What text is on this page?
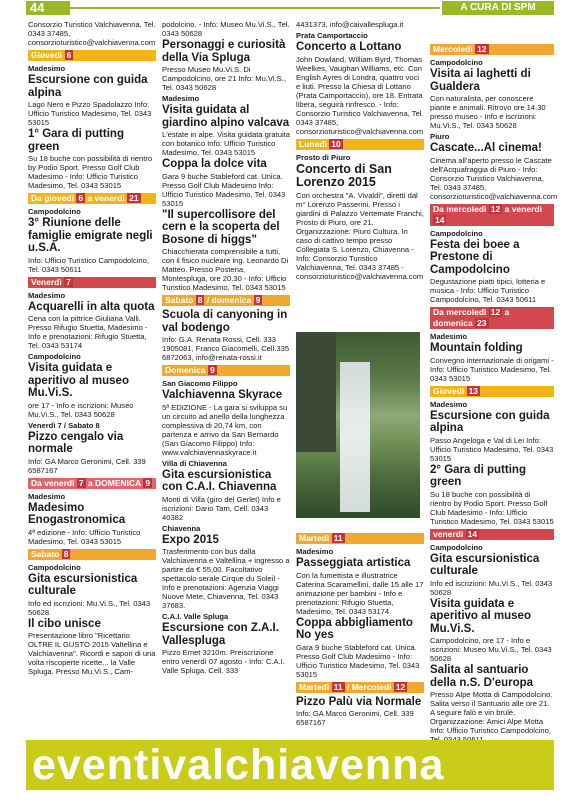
44	A CURA DI SPM
Consorzio Turistico Valchiavenna, Tel. 0343 37485, consorzioturistico@valchiavenna.com
Giovedì 6
Madesimo
Escursione con guida alpina
Lago Nero e Pizzo Spadolazzo Info: Ufficio Turistico Madesimo, Tel. 0343 53015
1° Gara di putting green
Su 18 buche con possibilità di rientro by Podio Sport. Presso Golf Club Madesimo - Info: Ufficio Turistico Madesimo, Tel. 0343 53015
Da giovedì 6 a venerdì 21
Campodolcino
3° Riunione delle famiglie emigrate negli u.S.A.
Info: Ufficio Turistico Campodolcino, Tel. 0343 50611
Venerdì 7
Madesimo
Acquarelli in alta quota
Cena con la pittrice Giuliana Valli. Presso Rifugio Stuetta, Madesimo - Info e prenotazioni: Rifugio Stuetta, Tel. 0343 53174
Campodolcino
Visita guidata e aperitivo al museo Mu.Vi.S.
ore 17 - Info e iscrizioni: Museo Mu.Vi.S., Tel. 0343 50628
Venerdì 7 / Sabato 8
Pizzo cengalo via normale
Info: GA Marco Geronimi, Cell. 339 6587167
Da venerdì 7 a DOMENICA 9
Madesimo
Madesimo Enogastronomica
4ª edizione - Info: Ufficio Turistico Madesimo, Tel. 0343 53015
Sabato 8
Campodolcino
Gita escursionistica culturale
Info ed iscrizioni: Mu.Vi.S., Tel. 0343 50628
Il cibo unisce
Presentazione libro "Ricettario OLTRE IL GUSTO 2015 Valtellina e Valchiavenna". Ricordi e sapori di una volta riscoperte ricette... la Valle Spluga. Presso Mu.Vi.S., Cam-
podolcino. - Info: Museo Mu.Vi.S., Tel. 0343 50628
Personaggi e curiosità della Via Spluga
Presso Museo Mu.Vi.S. Di Campodolcino, ore 21 Info: Mu.Vi.S., Tel. 0343 50628
Madesimo
Visita guidata al giardino alpino valcava
L'estate in alpe. Visita guidata gratuita con botanico Info: Ufficio Turistico Madesimo, Tel. 0343 53015
Coppa la dolce vita
Gara 9 buche Stableford cat. Unica. Presso Golf Club Madesimo Info: Ufficio Turistico Madesimo, Tel. 0343 53015
"Il supercollisore del cern e la scoperta del Bosone di higgs"
Chiacchierata comprensibile a tutti, con il fisico nucleare ing. Leonardo Di Matteo. Presso Posteria, Montespluga, ore 20.30 - Info: Ufficio Turistico Madesimo, Tel. 0343 53015
Sabato 8 / domenica 9
Scuola di canyoning in val bodengo
Info: G.A. Renata Rossi, Cell. 333 1905081, Franco Giacomelli, Cell.335 6872063, info@renata-rossi.it
Domenica 9
San Giacomo Filippo
Valchiavenna Skyrace
5ª EDIZIONE - La gara si sviluppa su un circuito ad anello della lunghezza complessiva di 20,74 km, con partenza e arrivo da San Bernardo (San Giacomo Filippo) Info: www.valchiavennaskyrace.it
Villa di Chiavenna
Gita escursionistica con C.A.I. Chiavenna
Monti di Villa (giro del Gerlet) Info e iscrizioni: Dario Tam, Cell. 0343 40382
Chiavenna
Expo 2015
Trasferimento con bus dalla Valchiavenna e Valtellina + ingresso a partire da € 55,00. Facoltativo spettacolo serale Cirque du Soleil - Info e prenotazioni: Agenzia Viaggi Nuove Mete, Chiavenna, Tel. 0343 37683.
C.A.I. Valle Spluga
Escursione con Z.A.I. Vallespluga
Pizzo Emet 3210m. Preiscrizione entro venerdì 07 agosto - Info: C.A.I. Valle Spluga, Cell. 333
4431373, info@caivallespluga.it
Prata Camportaccio
Concerto a Lottano
John Dowland, William Byrd, Thomas Weelkes, Vaughan Williams, etc. Con English Ayres di Londra, quattro voci e liuti. Presso la Chiesa di Lottano (Prata Camportaccio), ore 18. Entrata libera, seguirà rinfresco. - Info: Consorzio Turistico Valchiavenna, Tel. 0343 37485, consorzioturistico@valchiavenna.com
Lunedì 10
Prosto di Piuro
Concerto di San Lorenzo 2015
Con orchestra "A. Vivaldi", diretti dal m° Lorenzo Passerini. Presso i giardini di Palazzo Vertemate Franchi, Prosto di Piuro, ore 21. Organizzazione: Piuro Cultura. In caso di cattivo tempo presso Collegiata S. Lorenzo, Chiavenna - Info: Consorzio Turistico Valchiavenna, Tel. 0343 37485 - consorzioturistico@valchiavenna.com
Martedì 11
Madesimo
Passeggiata artistica
Con la fumettista e illustratrice Caterina Scaramellini, dalle 15 alle 17 animazione per bambini - Info e prenotazioni: Rifugio Stuetta, Madesimo, Tel. 0343 53174.
Coppa abbigliamento No yes
Gara 9 buche Stableford cat. Unica. Presso Golf Club Madesimo - Info: Ufficio Turistico Madesimo, Tel. 0343 53015
Martedì 11 / Mercoledì 12
Pizzo Palù via Normale
Info: GA Marco Geronimi, Cell. 339 6587167
Mercoledì 12
Campodolcino
Visita ai laghetti di Gualdera
Con naturalista, per conoscere piante e animali. Ritrovo ore 14.30 presso museo - Info e iscrizioni: Mu.Vi.S., Tel. 0343 50628
Piuro
Cascate...Al cinema!
Cinema all'aperto presso le Cascate dell'Acquafraggia di Piuro - Info: Consorzio Turistico Valchiavenna, Tel. 0343 37485, consorzioturistico@valchiavenna.com
Da mercoledì 12 a venerdì 14
Campodolcino
Festa dei boee a Prestone di Campodolcino
Degustazione piatti tipici, lotteria e musica - Info: Ufficio Turistico Campodolcino, Tel. 0343 50611
Da mercoledì 12 a domenica 23
Madesimo
Mountain folding
Convegno internazionale di origami - Info: Ufficio Turistico Madesimo, Tel. 0343 53015
Giovedì 13
Madesimo
Escursione con guida alpina
Passo Angeloga e Val di Lei Info: Ufficio Turistico Madesimo, Tel. 0343 53015
2° Gara di putting green
Su 18 buche con possibilità di rientro by Podio Sport. Presso Golf Club Madesimo - Info: Ufficio Turistico Madesimo, Tel. 0343 53015
venerdì 14
Campodolcino
Gita escursionistica culturale
Info ed iscrizioni: Mu.Vi.S., Tel. 0343 50628
Visita guidata e aperitivo al museo Mu.Vi.S.
Campodolcino, ore 17 - Info e iscrizioni: Museo Mu.Vi.S., Tel. 0343 50628
Salita al santuario della n.S. D'europa
Presso Alpe Motta di Campodolcino. Salita verso il Santuario alle ore 21. A seguire falò e vin brulè. Organizzazione: Amici Alpe Motta Info: Ufficio Turistico Campodolcino,
eventivalchiavenna
